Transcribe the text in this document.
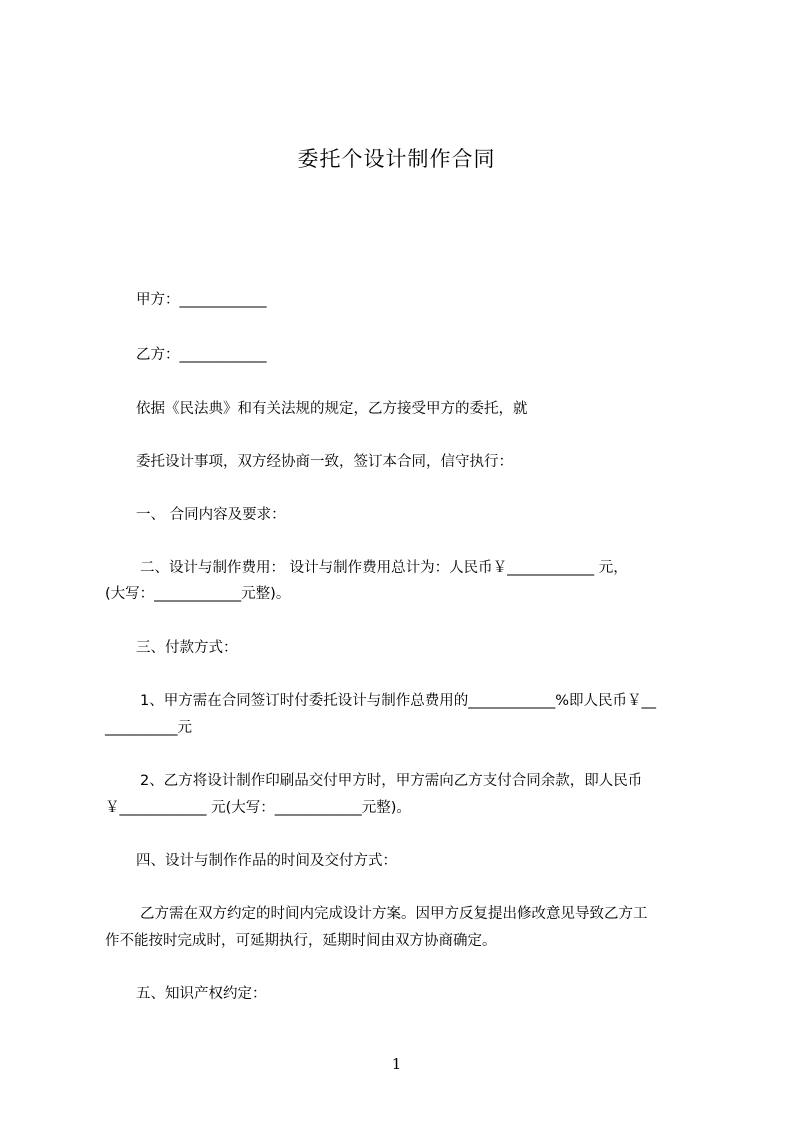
委托个设计制作合同
甲方：____________
乙方：____________
依据《民法典》和有关法规的规定，乙方接受甲方的委托，就
委托设计事项，双方经协商一致，签订本合同，信守执行：
一、 合同内容及要求：
二、设计与制作费用： 设计与制作费用总计为：人民币￥____________ 元，
(大写：____________元整)。
三、付款方式：
1、甲方需在合同签订时付委托设计与制作总费用的____________%即人民币￥__
__________元
2、乙方将设计制作印刷品交付甲方时，甲方需向乙方支付合同余款，即人民币
￥____________ 元(大写：____________元整)。
四、设计与制作作品的时间及交付方式：
乙方需在双方约定的时间内完成设计方案。因甲方反复提出修改意见导致乙方工
作不能按时完成时，可延期执行，延期时间由双方协商确定。
五、知识产权约定：
1
